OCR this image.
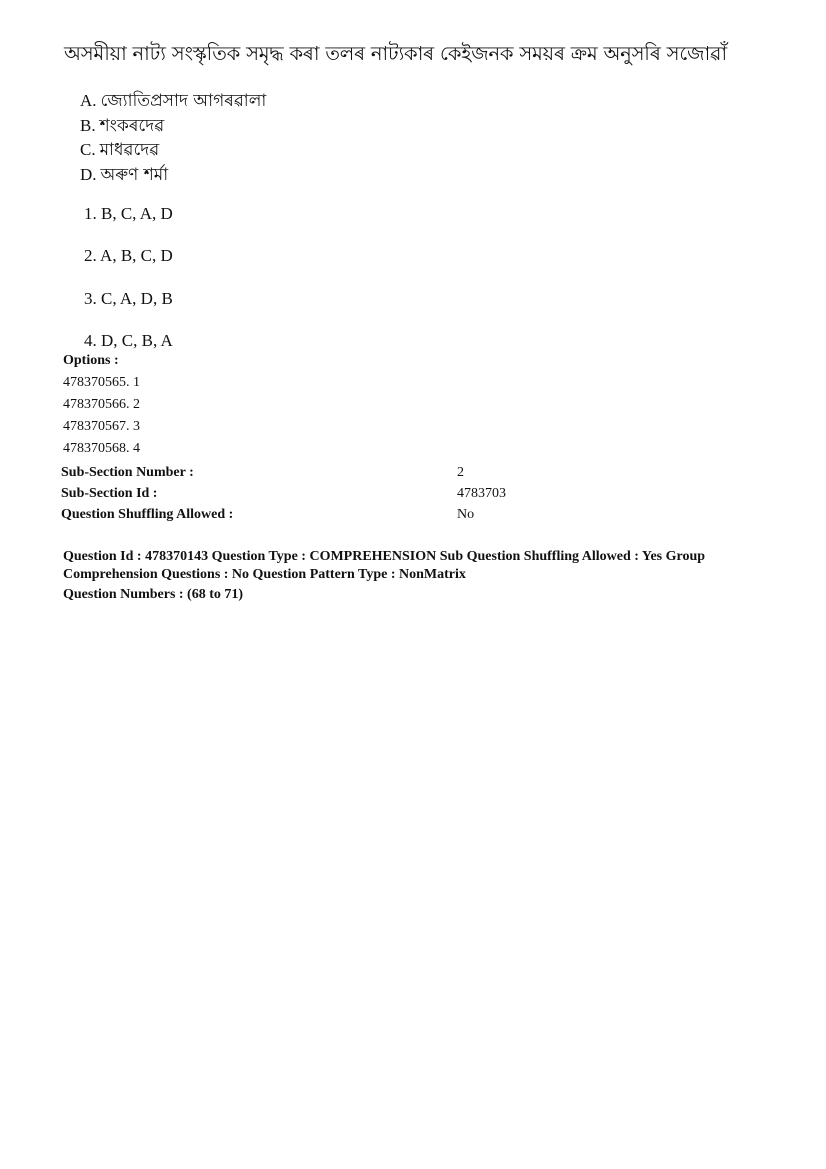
অসমীয়া নাট্য সংস্কৃতিক সমৃদ্ধ কৰা তলৰ নাট্যকাৰ কেইজনক সময়ৰ ক্ৰম অনুসৰি সজোৱাঁ
A. জ্যোতিপ্ৰসাদ আগৰৱালা
B. শংকৰদেৱ
C. মাধৱদেৱ
D. অৰুণ শৰ্মা
1. B, C, A, D
2. A, B, C, D
3. C, A, D, B
4. D, C, B, A
Options :
478370565. 1
478370566. 2
478370567. 3
478370568. 4
Sub-Section Number :	2
Sub-Section Id :	4783703
Question Shuffling Allowed :	No
Question Id : 478370143 Question Type : COMPREHENSION Sub Question Shuffling Allowed : Yes Group
Comprehension Questions : No Question Pattern Type : NonMatrix
Question Numbers : (68 to 71)
